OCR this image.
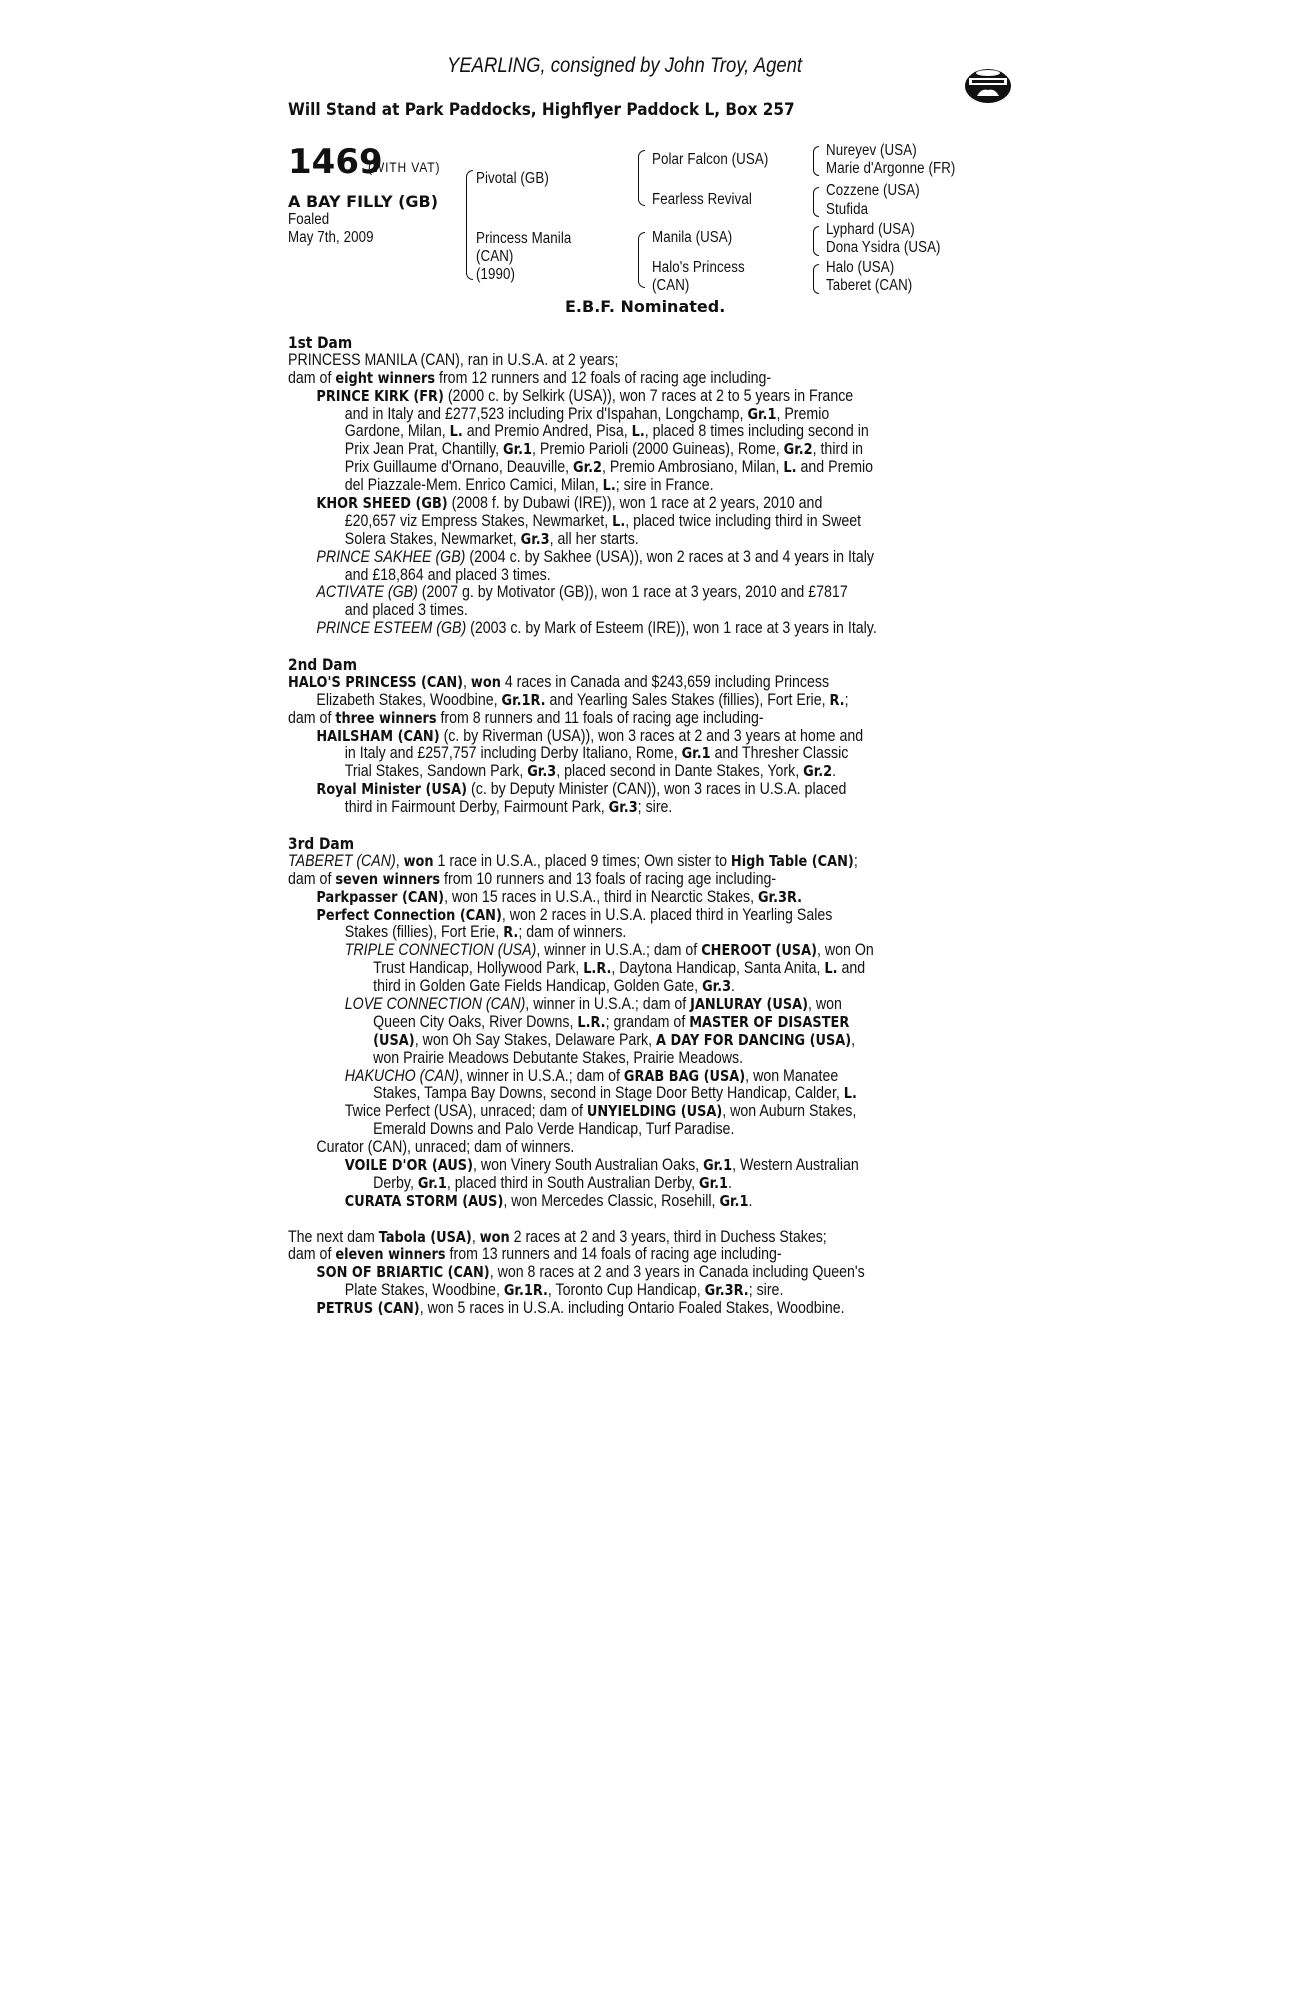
YEARLING, consigned by John Troy, Agent
Will Stand at Park Paddocks, Highflyer Paddock L, Box 257
1469
(WITH VAT)
A BAY FILLY (GB)
Foaled
May 7th, 2009
Pivotal (GB)
Princess Manila
(CAN)
(1990)
Polar Falcon (USA)
Fearless Revival
Manila (USA)
Halo's Princess
(CAN)
Nureyev (USA)
Marie d'Argonne (FR)
Cozzene (USA)
Stufida
Lyphard (USA)
Dona Ysidra (USA)
Halo (USA)
Taberet (CAN)
E.B.F. Nominated.
1st Dam
PRINCESS MANILA (CAN), ran in U.S.A. at 2 years;
dam of eight winners from 12 runners and 12 foals of racing age including-
PRINCE KIRK (FR) (2000 c. by Selkirk (USA)), won 7 races at 2 to 5 years in France
and in Italy and £277,523 including Prix d'Ispahan, Longchamp, Gr.1, Premio
Gardone, Milan, L. and Premio Andred, Pisa, L., placed 8 times including second in
Prix Jean Prat, Chantilly, Gr.1, Premio Parioli (2000 Guineas), Rome, Gr.2, third in
Prix Guillaume d'Ornano, Deauville, Gr.2, Premio Ambrosiano, Milan, L. and Premio
del Piazzale-Mem. Enrico Camici, Milan, L.; sire in France.
KHOR SHEED (GB) (2008 f. by Dubawi (IRE)), won 1 race at 2 years, 2010 and
£20,657 viz Empress Stakes, Newmarket, L., placed twice including third in Sweet
Solera Stakes, Newmarket, Gr.3, all her starts.
PRINCE SAKHEE (GB) (2004 c. by Sakhee (USA)), won 2 races at 3 and 4 years in Italy
and £18,864 and placed 3 times.
ACTIVATE (GB) (2007 g. by Motivator (GB)), won 1 race at 3 years, 2010 and £7817
and placed 3 times.
PRINCE ESTEEM (GB) (2003 c. by Mark of Esteem (IRE)), won 1 race at 3 years in Italy.
2nd Dam
HALO'S PRINCESS (CAN), won 4 races in Canada and $243,659 including Princess
Elizabeth Stakes, Woodbine, Gr.1R. and Yearling Sales Stakes (fillies), Fort Erie, R.;
dam of three winners from 8 runners and 11 foals of racing age including-
HAILSHAM (CAN) (c. by Riverman (USA)), won 3 races at 2 and 3 years at home and
in Italy and £257,757 including Derby Italiano, Rome, Gr.1 and Thresher Classic
Trial Stakes, Sandown Park, Gr.3, placed second in Dante Stakes, York, Gr.2.
Royal Minister (USA) (c. by Deputy Minister (CAN)), won 3 races in U.S.A. placed
third in Fairmount Derby, Fairmount Park, Gr.3; sire.
3rd Dam
TABERET (CAN), won 1 race in U.S.A., placed 9 times; Own sister to High Table (CAN);
dam of seven winners from 10 runners and 13 foals of racing age including-
Parkpasser (CAN), won 15 races in U.S.A., third in Nearctic Stakes, Gr.3R.
Perfect Connection (CAN), won 2 races in U.S.A. placed third in Yearling Sales
Stakes (fillies), Fort Erie, R.; dam of winners.
TRIPLE CONNECTION (USA), winner in U.S.A.; dam of CHEROOT (USA), won On
Trust Handicap, Hollywood Park, L.R., Daytona Handicap, Santa Anita, L. and
third in Golden Gate Fields Handicap, Golden Gate, Gr.3.
LOVE CONNECTION (CAN), winner in U.S.A.; dam of JANLURAY (USA), won
Queen City Oaks, River Downs, L.R.; grandam of MASTER OF DISASTER
(USA), won Oh Say Stakes, Delaware Park, A DAY FOR DANCING (USA),
won Prairie Meadows Debutante Stakes, Prairie Meadows.
HAKUCHO (CAN), winner in U.S.A.; dam of GRAB BAG (USA), won Manatee
Stakes, Tampa Bay Downs, second in Stage Door Betty Handicap, Calder, L.
Twice Perfect (USA), unraced; dam of UNYIELDING (USA), won Auburn Stakes,
Emerald Downs and Palo Verde Handicap, Turf Paradise.
Curator (CAN), unraced; dam of winners.
VOILE D'OR (AUS), won Vinery South Australian Oaks, Gr.1, Western Australian
Derby, Gr.1, placed third in South Australian Derby, Gr.1.
CURATA STORM (AUS), won Mercedes Classic, Rosehill, Gr.1.
The next dam Tabola (USA), won 2 races at 2 and 3 years, third in Duchess Stakes;
dam of eleven winners from 13 runners and 14 foals of racing age including-
SON OF BRIARTIC (CAN), won 8 races at 2 and 3 years in Canada including Queen's
Plate Stakes, Woodbine, Gr.1R., Toronto Cup Handicap, Gr.3R.; sire.
PETRUS (CAN), won 5 races in U.S.A. including Ontario Foaled Stakes, Woodbine.
